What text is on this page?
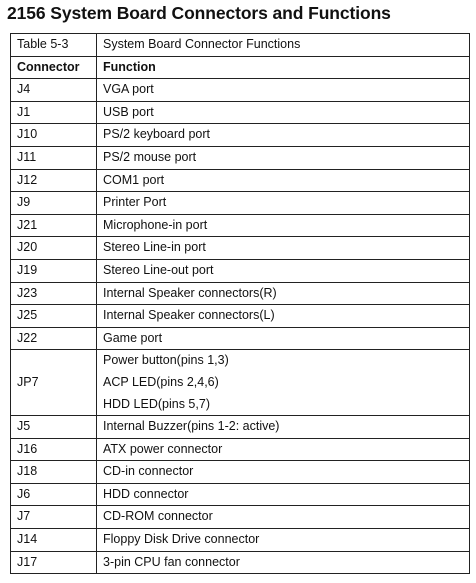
2156 System Board Connectors and Functions
Table 5-3	System Board Connector Functions
Connector	Function
J4	VGA port
J1	USB port
J10	PS/2 keyboard port
J11	PS/2 mouse port
J12	COM1 port
J9	Printer Port
J21	Microphone-in port
J20	Stereo Line-in port
J19	Stereo Line-out port
J23	Internal Speaker connectors(R)
J25	Internal Speaker connectors(L)
J22	Game port
JP7	Power button(pins 1,3)
ACP LED(pins 2,4,6)
HDD LED(pins 5,7)

J5	Internal Buzzer(pins 1-2: active)
J16	ATX power connector
J18	CD-in connector
J6	HDD connector
J7	CD-ROM connector
J14	Floppy Disk Drive connector
J17	3-pin CPU fan connector
